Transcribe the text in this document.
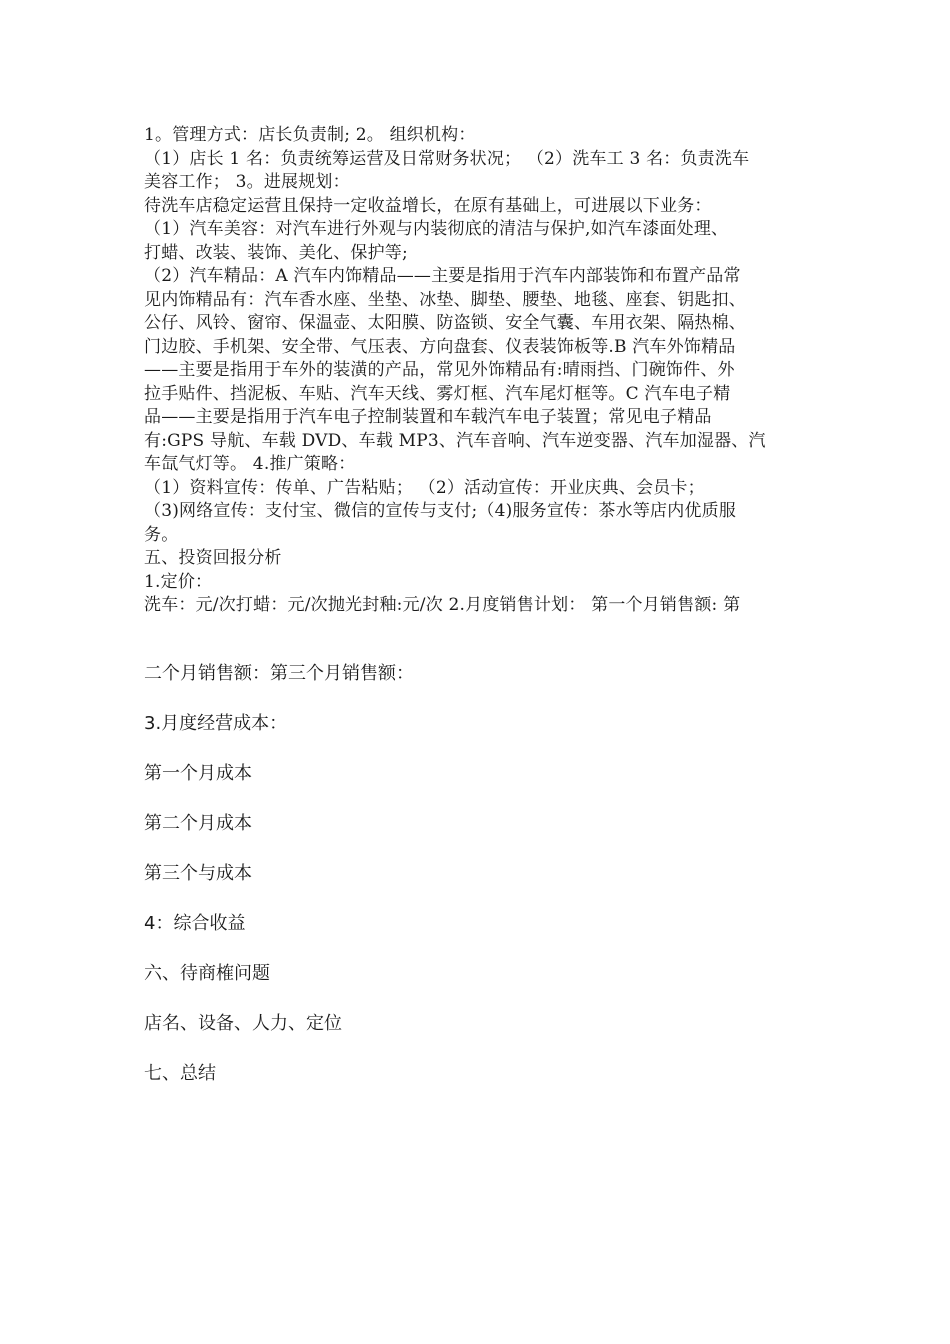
1。管理方式：店长负责制; 2。 组织机构：

（1）店长 1 名：负责统筹运营及日常财务状况； （2）洗车工 3 名：负责洗车

美容工作； 3。进展规划：

待洗车店稳定运营且保持一定收益增长，在原有基础上，可进展以下业务：

（1）汽车美容：对汽车进行外观与内装彻底的清洁与保护,如汽车漆面处理、

打蜡、改装、装饰、美化、保护等;

（2）汽车精品：A 汽车内饰精品——主要是指用于汽车内部装饰和布置产品常

见内饰精品有：汽车香水座、坐垫、冰垫、脚垫、腰垫、地毯、座套、钥匙扣、

公仔、风铃、窗帘、保温壶、太阳膜、防盗锁、安全气囊、车用衣架、隔热棉、

门边胶、手机架、安全带、气压表、方向盘套、仪表装饰板等.B 汽车外饰精品

——主要是指用于车外的装潢的产品，常见外饰精品有:晴雨挡、门碗饰件、外

拉手贴件、挡泥板、车贴、汽车天线、雾灯框、汽车尾灯框等。C 汽车电子精

品——主要是指用于汽车电子控制装置和车载汽车电子装置；常见电子精品

有:GPS 导航、车载 DVD、车载 MP3、汽车音响、汽车逆变器、汽车加湿器、汽

车氙气灯等。 4.推广策略：

（1）资料宣传：传单、广告粘贴； （2）活动宣传：开业庆典、会员卡；

（3)网络宣传：支付宝、微信的宣传与支付;（4)服务宣传：茶水等店内优质服

务。

五、投资回报分析

1.定价：

洗车：元/次打蜡：元/次抛光封釉:元/次 2.月度销售计划： 第一个月销售额: 第

二个月销售额：第三个月销售额：

3.月度经营成本：

第一个月成本

第二个月成本

第三个与成本

4：综合收益

六、待商榷问题

店名、设备、人力、定位

七、总结
